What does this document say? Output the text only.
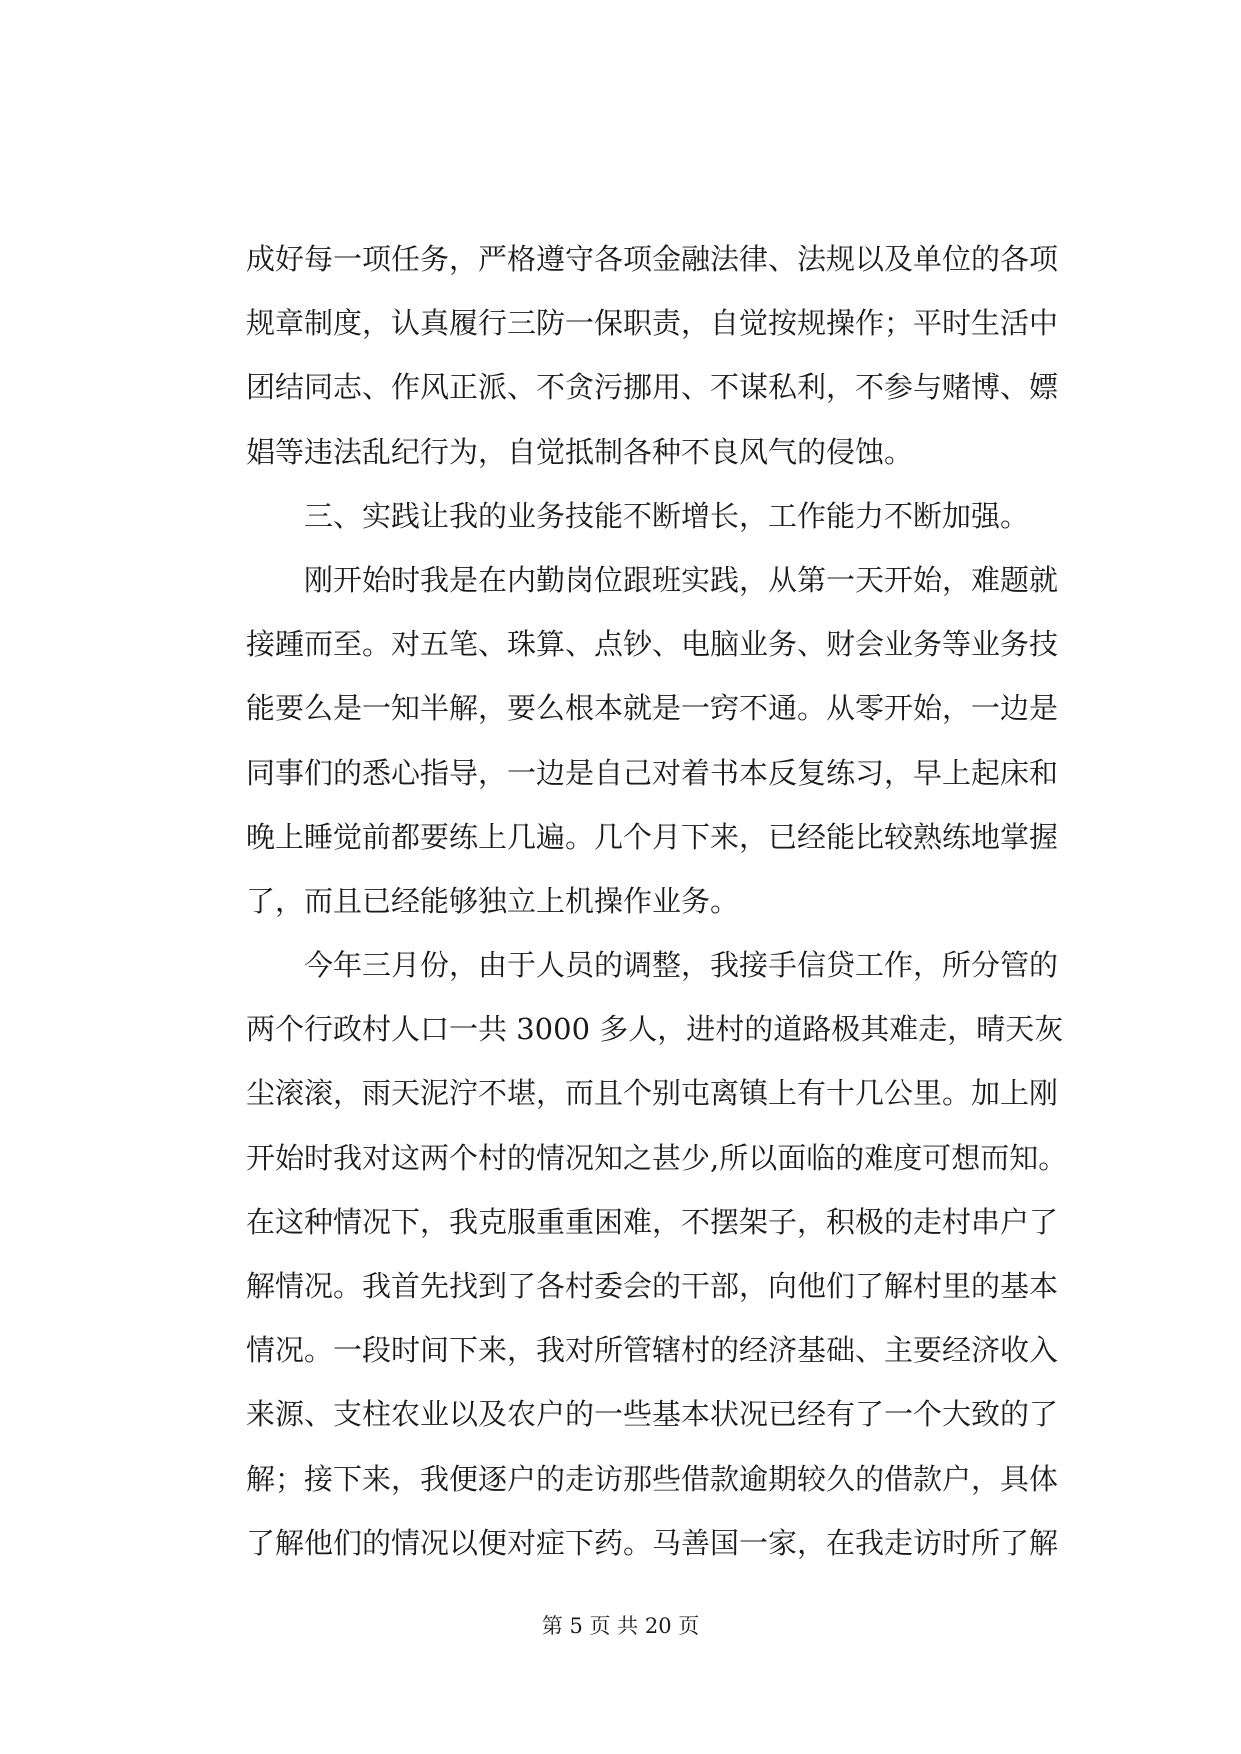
成好每一项任务，严格遵守各项金融法律、法规以及单位的各项
规章制度，认真履行三防一保职责，自觉按规操作；平时生活中
团结同志、作风正派、不贪污挪用、不谋私利，不参与赌博、嫖
娼等违法乱纪行为，自觉抵制各种不良风气的侵蚀。
三、实践让我的业务技能不断增长，工作能力不断加强。
刚开始时我是在内勤岗位跟班实践，从第一天开始，难题就
接踵而至。对五笔、珠算、点钞、电脑业务、财会业务等业务技
能要么是一知半解，要么根本就是一窍不通。从零开始，一边是
同事们的悉心指导，一边是自己对着书本反复练习，早上起床和
晚上睡觉前都要练上几遍。几个月下来，已经能比较熟练地掌握
了，而且已经能够独立上机操作业务。
今年三月份，由于人员的调整，我接手信贷工作，所分管的
两个行政村人口一共 3000 多人，进村的道路极其难走，晴天灰
尘滚滚，雨天泥泞不堪，而且个别屯离镇上有十几公里。加上刚
开始时我对这两个村的情况知之甚少,所以面临的难度可想而知。
在这种情况下，我克服重重困难，不摆架子，积极的走村串户了
解情况。我首先找到了各村委会的干部，向他们了解村里的基本
情况。一段时间下来，我对所管辖村的经济基础、主要经济收入
来源、支柱农业以及农户的一些基本状况已经有了一个大致的了
解；接下来，我便逐户的走访那些借款逾期较久的借款户，具体
了解他们的情况以便对症下药。马善国一家，在我走访时所了解
第 5 页 共 20 页
